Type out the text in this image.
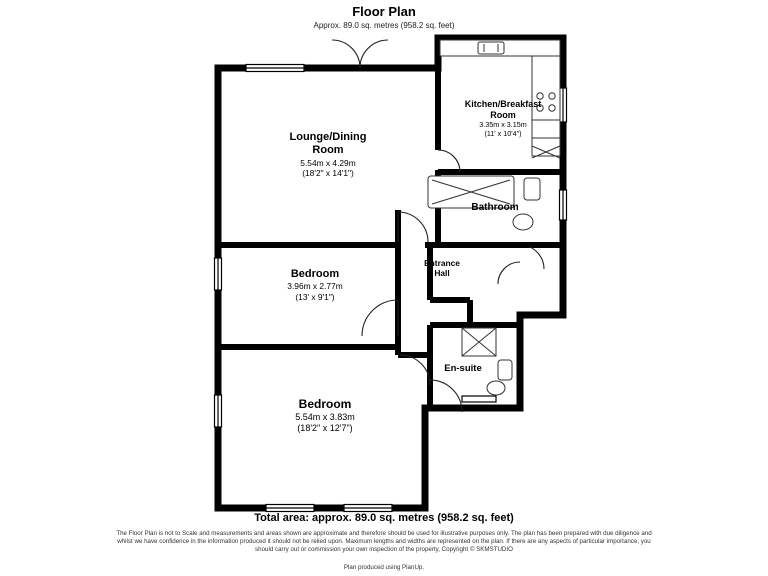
Floor Plan
Approx. 89.0 sq. metres (958.2 sq. feet)
Lounge/Dining
Room
5.54m x 4.29m
(18'2" x 14'1")
Kitchen/Breakfast
Room
3.35m x 3.15m
(11' x 10'4")
Bathroom
Bedroom
3.96m x 2.77m
(13' x 9'1")
Entrance
Hall
En-suite
Bedroom
5.54m x 3.83m
(18'2" x 12'7")
Total area: approx. 89.0 sq. metres (958.2 sq. feet)
The Floor Plan is not to Scale and measurements and areas shown are approximate and therefore should be used for illustrative purposes only. The plan has been prepared with due diligence and whilst we have confidence in the information produced it should not be relied upon. Maximum lengths and widths are represented on the plan. If there are any aspects of particular importance, you should carry out or commission your own inspection of the property, Copyright © SKMSTUDIO
Plan produced using PlanUp.
